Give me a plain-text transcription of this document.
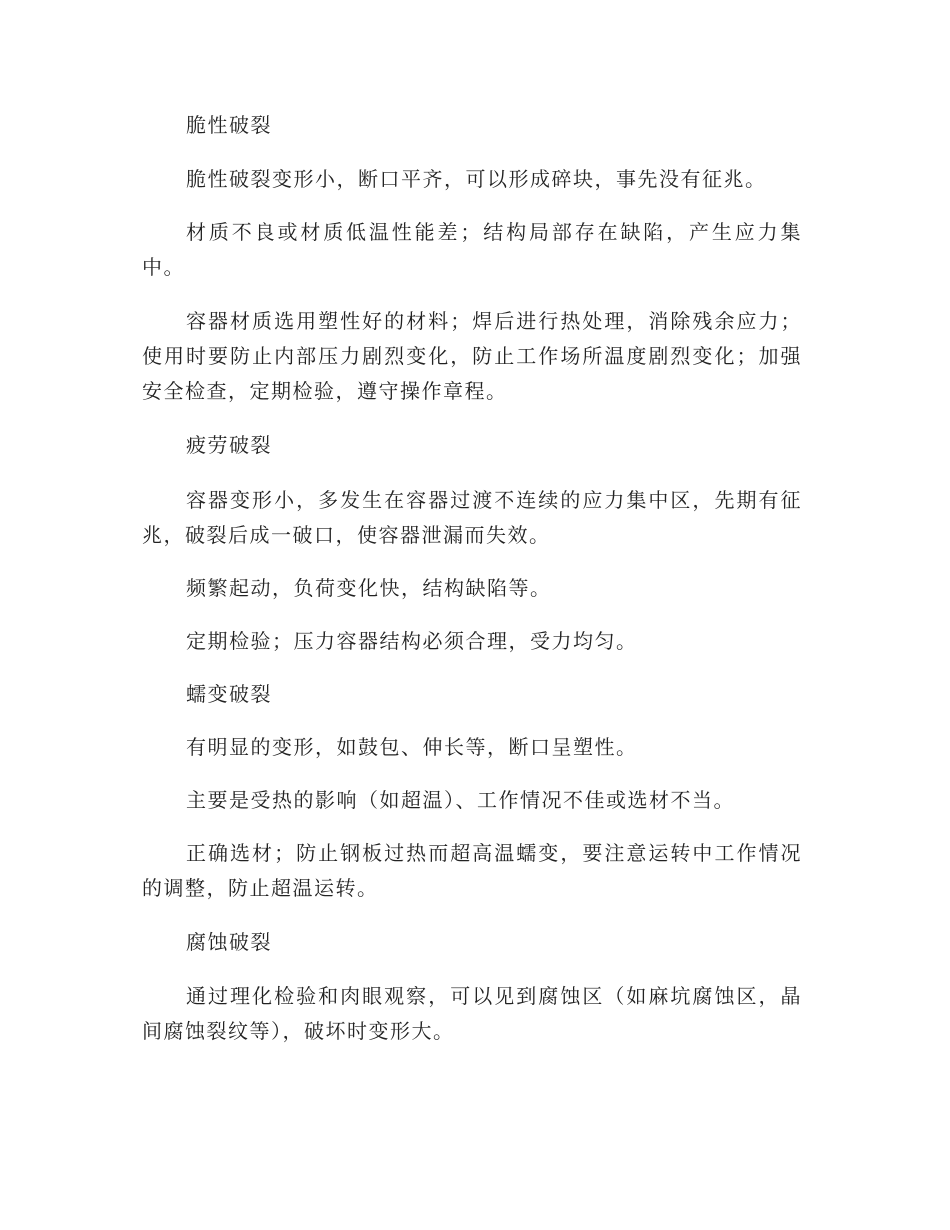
脆性破裂

脆性破裂变形小，断口平齐，可以形成碎块，事先没有征兆。

材质不良或材质低温性能差；结构局部存在缺陷，产生应力集中。

容器材质选用塑性好的材料；焊后进行热处理，消除残余应力；使用时要防止内部压力剧烈变化，防止工作场所温度剧烈变化；加强安全检查，定期检验，遵守操作章程。

疲劳破裂

容器变形小，多发生在容器过渡不连续的应力集中区，先期有征兆，破裂后成一破口，使容器泄漏而失效。

频繁起动，负荷变化快，结构缺陷等。

定期检验；压力容器结构必须合理，受力均匀。

蠕变破裂

有明显的变形，如鼓包、伸长等，断口呈塑性。

主要是受热的影响（如超温）、工作情况不佳或选材不当。

正确选材；防止钢板过热而超高温蠕变，要注意运转中工作情况的调整，防止超温运转。

腐蚀破裂

通过理化检验和肉眼观察，可以见到腐蚀区（如麻坑腐蚀区，晶间腐蚀裂纹等），破坏时变形大。
